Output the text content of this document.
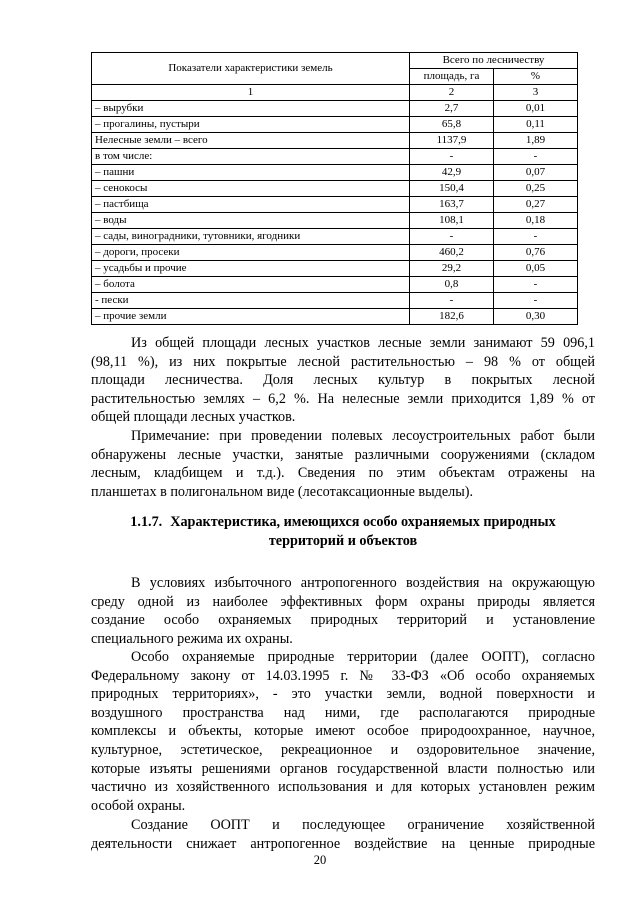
Показатели характеристики земель	Всего по лесничеству	
	площадь, га	%
1	2	3
– вырубки	2,7	0,01
– прогалины, пустыри	65,8	0,11
Нелесные земли – всего	1137,9	1,89
в том числе:	-	-
– пашни	42,9	0,07
– сенокосы	150,4	0,25
– пастбища	163,7	0,27
– воды	108,1	0,18
– сады, виноградники, тутовники, ягодники	-	-
– дороги, просеки	460,2	0,76
– усадьбы и прочие	29,2	0,05
– болота	0,8	-
- пески	-	-
– прочие земли	182,6	0,30
Из общей площади лесных участков лесные земли занимают 59 096,1
(98,11 %), из них покрытые лесной растительностью – 98 % от общей
площади лесничества. Доля лесных культур в покрытых лесной
растительностью землях – 6,2 %. На нелесные земли приходится 1,89 % от
общей площади лесных участков.
Примечание: при проведении полевых лесоустроительных работ были
обнаружены лесные участки, занятые различными сооружениями (складом
лесным, кладбищем и т.д.). Сведения по этим объектам отражены на
планшетах в полигональном виде (лесотаксационные выделы).
1.1.7. Характеристика, имеющихся особо охраняемых природных
территорий и объектов
В условиях избыточного антропогенного воздействия на окружающую
среду одной из наиболее эффективных форм охраны природы является
создание особо охраняемых природных территорий и установление
специального режима их охраны.
Особо охраняемые природные территории (далее ООПТ), согласно
Федеральному закону от 14.03.1995 г. № 33-ФЗ «Об особо охраняемых
природных территориях», - это участки земли, водной поверхности и
воздушного пространства над ними, где располагаются природные
комплексы и объекты, которые имеют особое природоохранное, научное,
культурное, эстетическое, рекреационное и оздоровительное значение,
которые изъяты решениями органов государственной власти полностью или
частично из хозяйственного использования и для которых установлен режим
особой охраны.
Создание ООПТ и последующее ограничение хозяйственной
деятельности снижает антропогенное воздействие на ценные природные
20
